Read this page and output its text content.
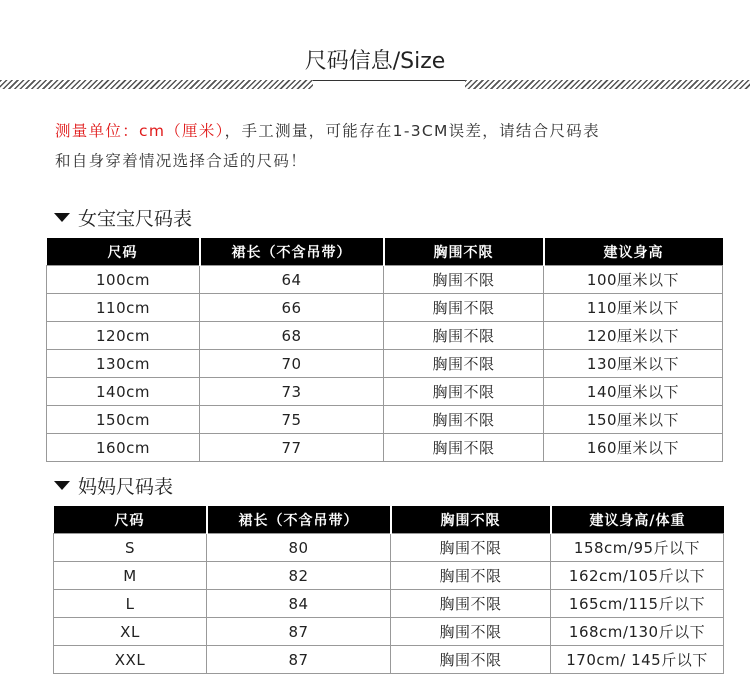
尺码信息/Size
测量单位：cm（厘米），手工测量，可能存在1-3CM误差，请结合尺码表
和自身穿着情况选择合适的尺码！
女宝宝尺码表
尺码	裙长（不含吊带）	胸围不限	建议身高
100cm	64	胸围不限	100厘米以下
110cm	66	胸围不限	110厘米以下
120cm	68	胸围不限	120厘米以下
130cm	70	胸围不限	130厘米以下
140cm	73	胸围不限	140厘米以下
150cm	75	胸围不限	150厘米以下
160cm	77	胸围不限	160厘米以下
妈妈尺码表
尺码	裙长（不含吊带）	胸围不限	建议身高/体重
S	80	胸围不限	158cm/95斤以下
M	82	胸围不限	162cm/105斤以下
L	84	胸围不限	165cm/115斤以下
XL	87	胸围不限	168cm/130斤以下
XXL	87	胸围不限	170cm/ 145斤以下
